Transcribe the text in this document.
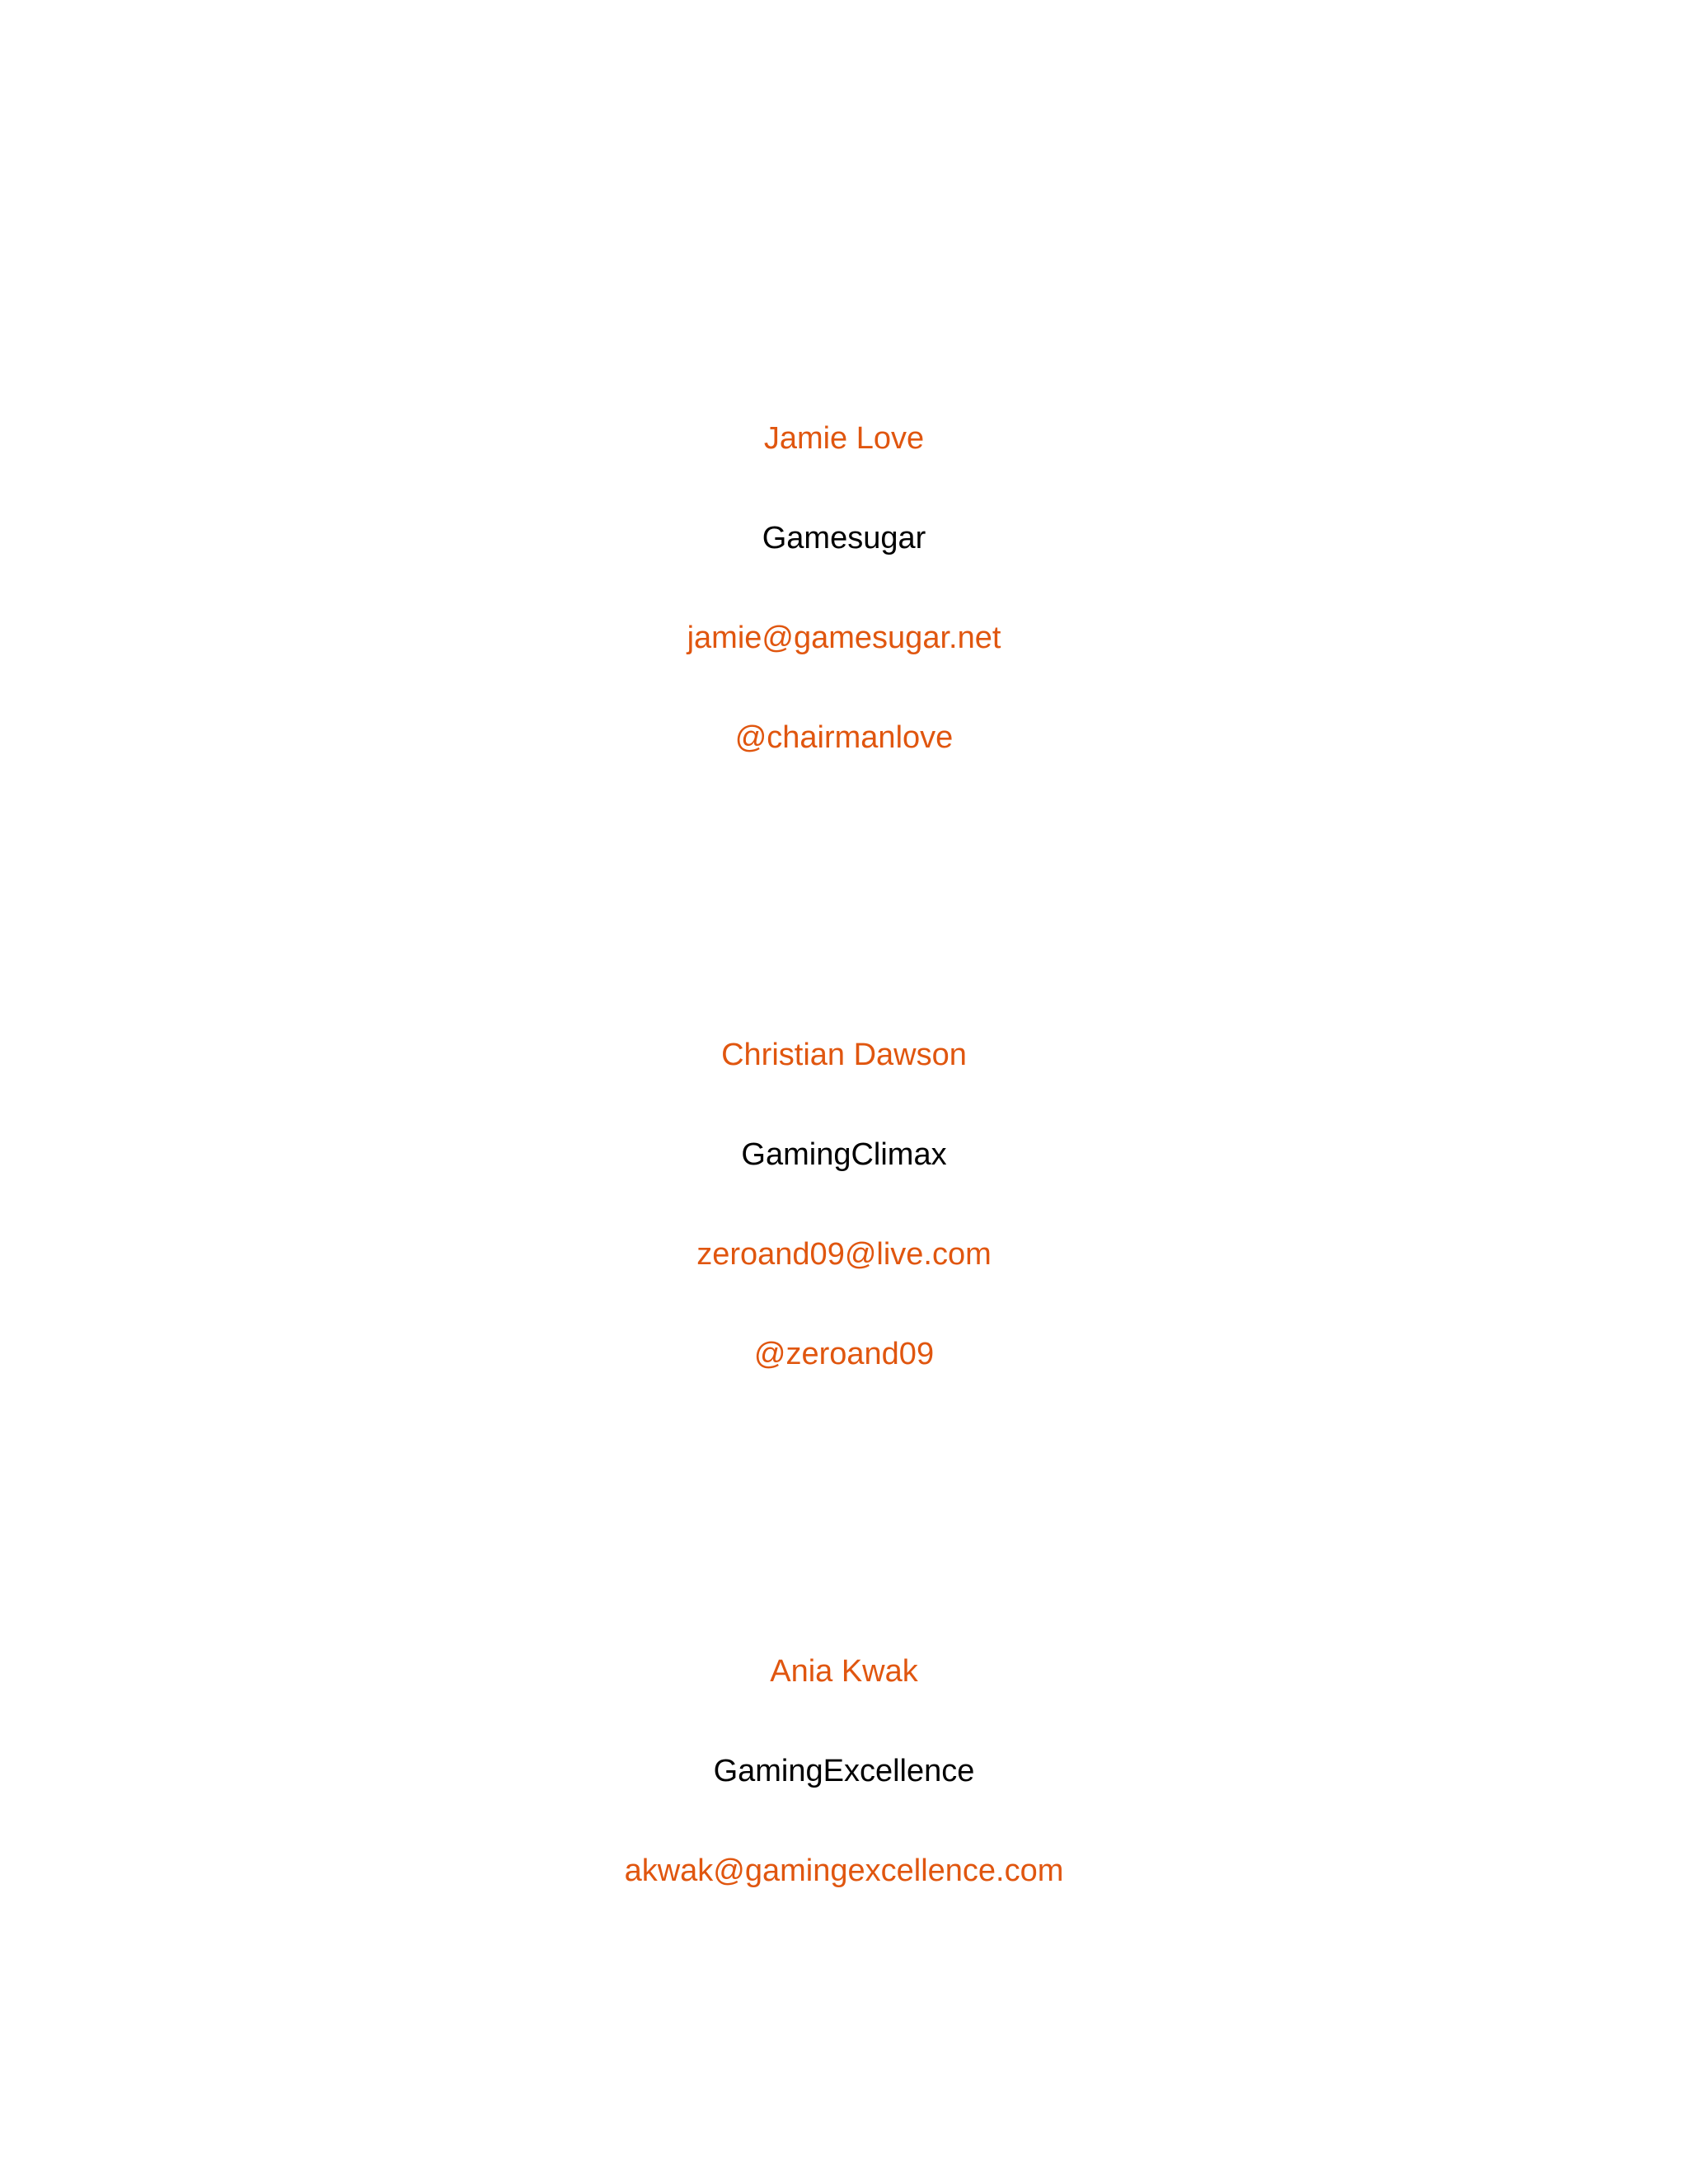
Jamie Love
Gamesugar
jamie@gamesugar.net
@chairmanlove
Christian Dawson
GamingClimax
zeroand09@live.com
@zeroand09
Ania Kwak
GamingExcellence
akwak@gamingexcellence.com
